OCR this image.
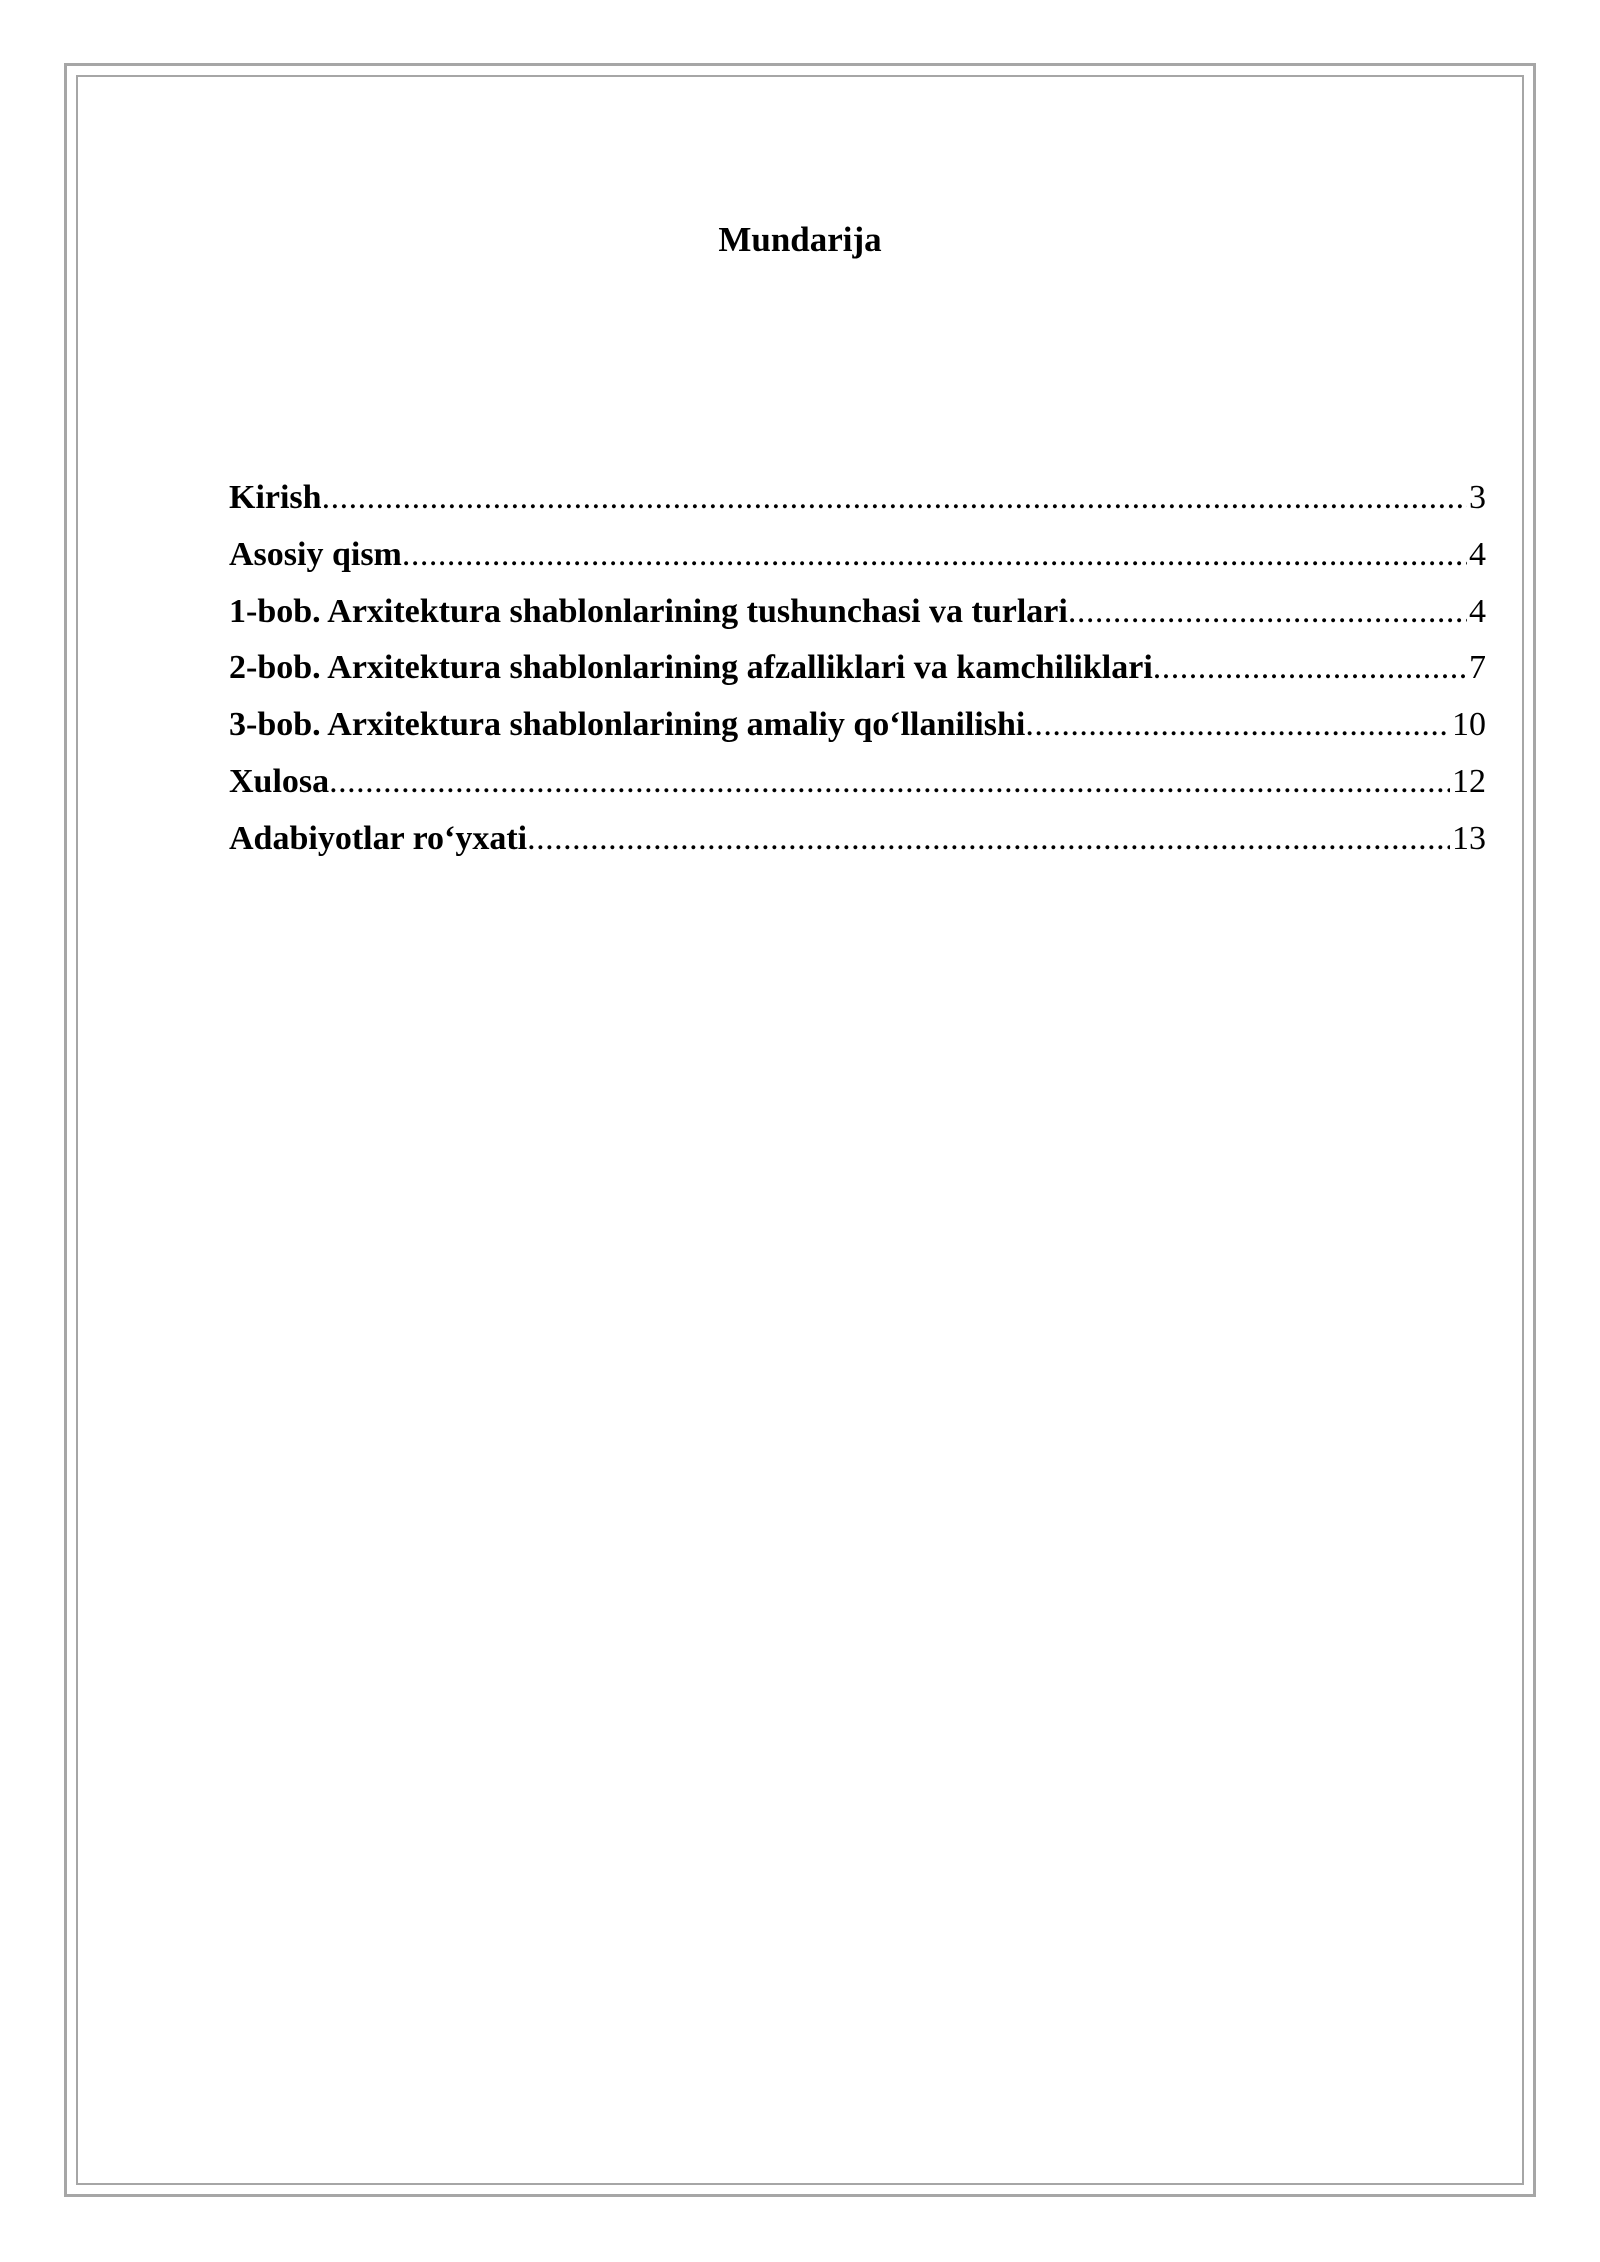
Mundarija
Kirish .....	3
Asosiy qism .....	4
1-bob. Arxitektura shablonlarining tushunchasi va turlari .....	4
2-bob. Arxitektura shablonlarining afzalliklari va kamchiliklari .....	7
3-bob. Arxitektura shablonlarining amaliy qo‘llanilishi .....	10
Xulosa .....	12
Adabiyotlar ro‘yxati .....	13
